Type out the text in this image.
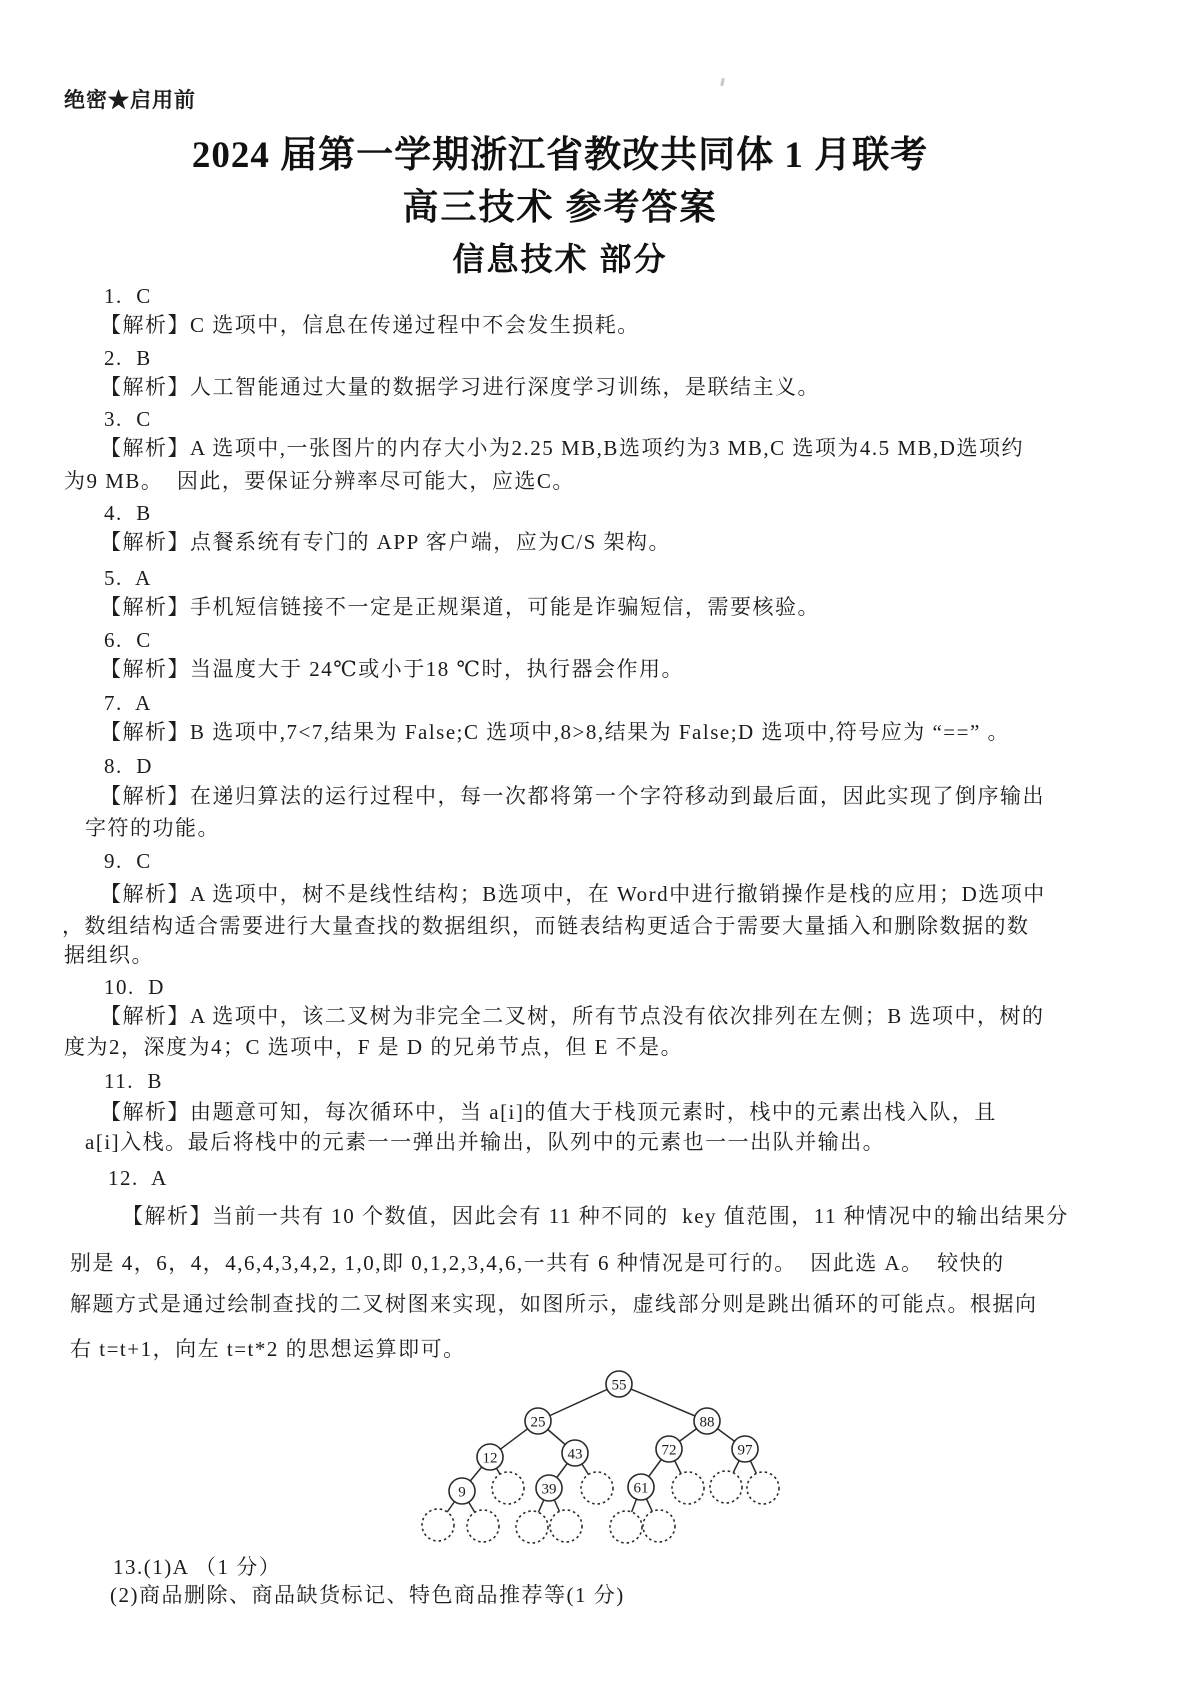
绝密★启用前
2024 届第一学期浙江省教改共同体 1 月联考
高三技术 参考答案
信息技术 部分
1.  C
【解析】C 选项中，信息在传递过程中不会发生损耗。
2.  B
【解析】人工智能通过大量的数据学习进行深度学习训练，是联结主义。
3.  C
【解析】A 选项中,一张图片的内存大小为2.25 MB,B选项约为3 MB,C 选项为4.5 MB,D选项约
为9 MB。  因此，要保证分辨率尽可能大，应选C。
4.  B
【解析】点餐系统有专门的 APP 客户端，应为C/S 架构。
5.  A
【解析】手机短信链接不一定是正规渠道，可能是诈骗短信，需要核验。
6.  C
【解析】当温度大于 24℃或小于18 ℃时，执行器会作用。
7.  A
【解析】B 选项中,7<7,结果为 False;C 选项中,8>8,结果为 False;D 选项中,符号应为 “==” 。
8.  D
【解析】在递归算法的运行过程中，每一次都将第一个字符移动到最后面，因此实现了倒序输出
字符的功能。
9.  C
【解析】A 选项中，树不是线性结构；B选项中，在 Word中进行撤销操作是栈的应用；D选项中
，数组结构适合需要进行大量查找的数据组织，而链表结构更适合于需要大量插入和删除数据的数
据组织。
10.  D
【解析】A 选项中，该二叉树为非完全二叉树，所有节点没有依次排列在左侧；B 选项中，树的
度为2，深度为4；C 选项中，F 是 D 的兄弟节点，但 E 不是。
11.  B
【解析】由题意可知，每次循环中，当 a[i]的值大于栈顶元素时，栈中的元素出栈入队，且
a[i]入栈。最后将栈中的元素一一弹出并输出，队列中的元素也一一出队并输出。
12.  A
【解析】当前一共有 10 个数值，因此会有 11 种不同的  key 值范围，11 种情况中的输出结果分
别是 4，6，4，4,6,4,3,4,2, 1,0,即 0,1,2,3,4,6,一共有 6 种情况是可行的。  因此选 A。  较快的
解题方式是通过绘制查找的二叉树图来实现，如图所示，虚线部分则是跳出循环的可能点。根据向
右 t=t+1，向左 t=t*2 的思想运算即可。
13.(1)A （1 分）
(2)商品删除、商品缺货标记、特色商品推荐等(1 分)
55
25	88
12	43	72	97
9	39	61
